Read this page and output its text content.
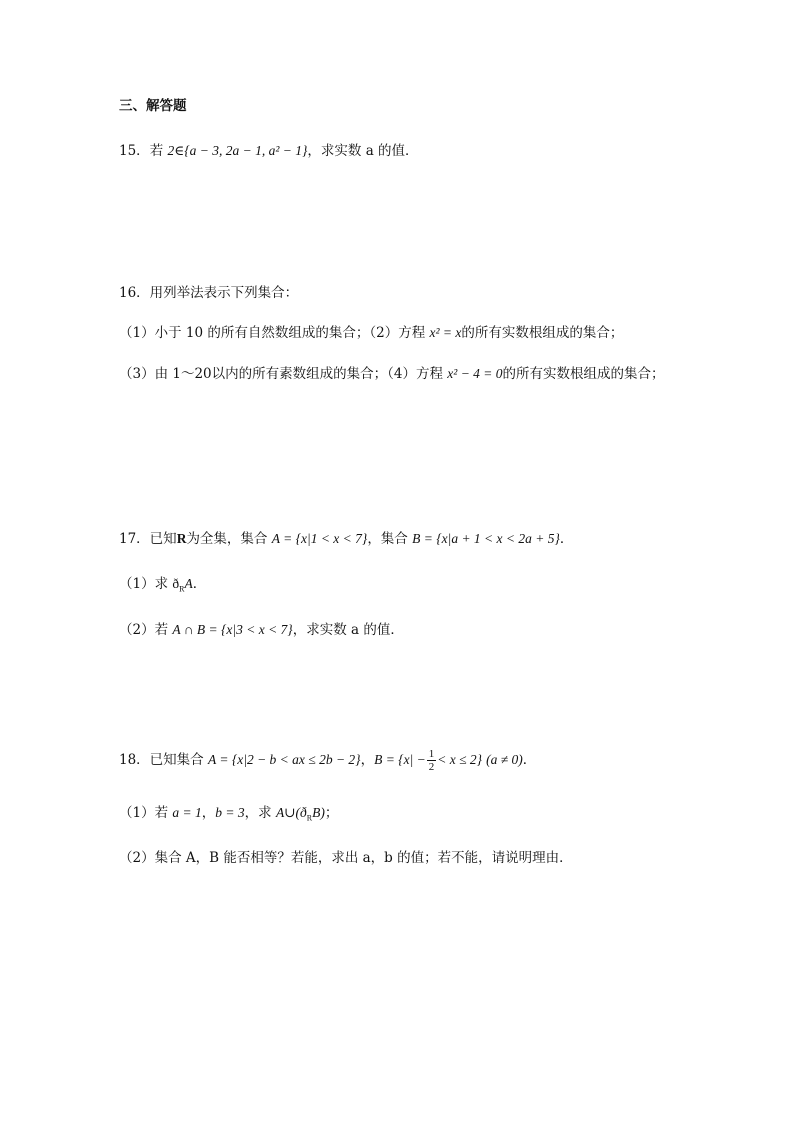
三、解答题
15．若 2∈{a − 3, 2a − 1, a² − 1}，求实数 a 的值．
16．用列举法表示下列集合：
（1）小于 10 的所有自然数组成的集合；（2）方程 x² = x的所有实数根组成的集合；
（3）由 1～20以内的所有素数组成的集合；（4）方程 x² − 4 = 0的所有实数根组成的集合；
17．已知R为全集，集合 A = {x|1 < x < 7}，集合 B = {x|a + 1 < x < 2a + 5}．
（1）求 $ð_RA$．
（2）若 A ∩ B = {x|3 < x < 7}，求实数 a 的值．
18．已知集合 A = {x|2 − b < ax ≤ 2b − 2}，$B = \{x| - \frac{1}{2} < x \le 2\}$ (a ≠ 0)．
（1）若 a = 1，b = 3，求 $A\cup(ð_RB)$；
（2）集合 A，B 能否相等？若能，求出 a，b 的值；若不能，请说明理由．
